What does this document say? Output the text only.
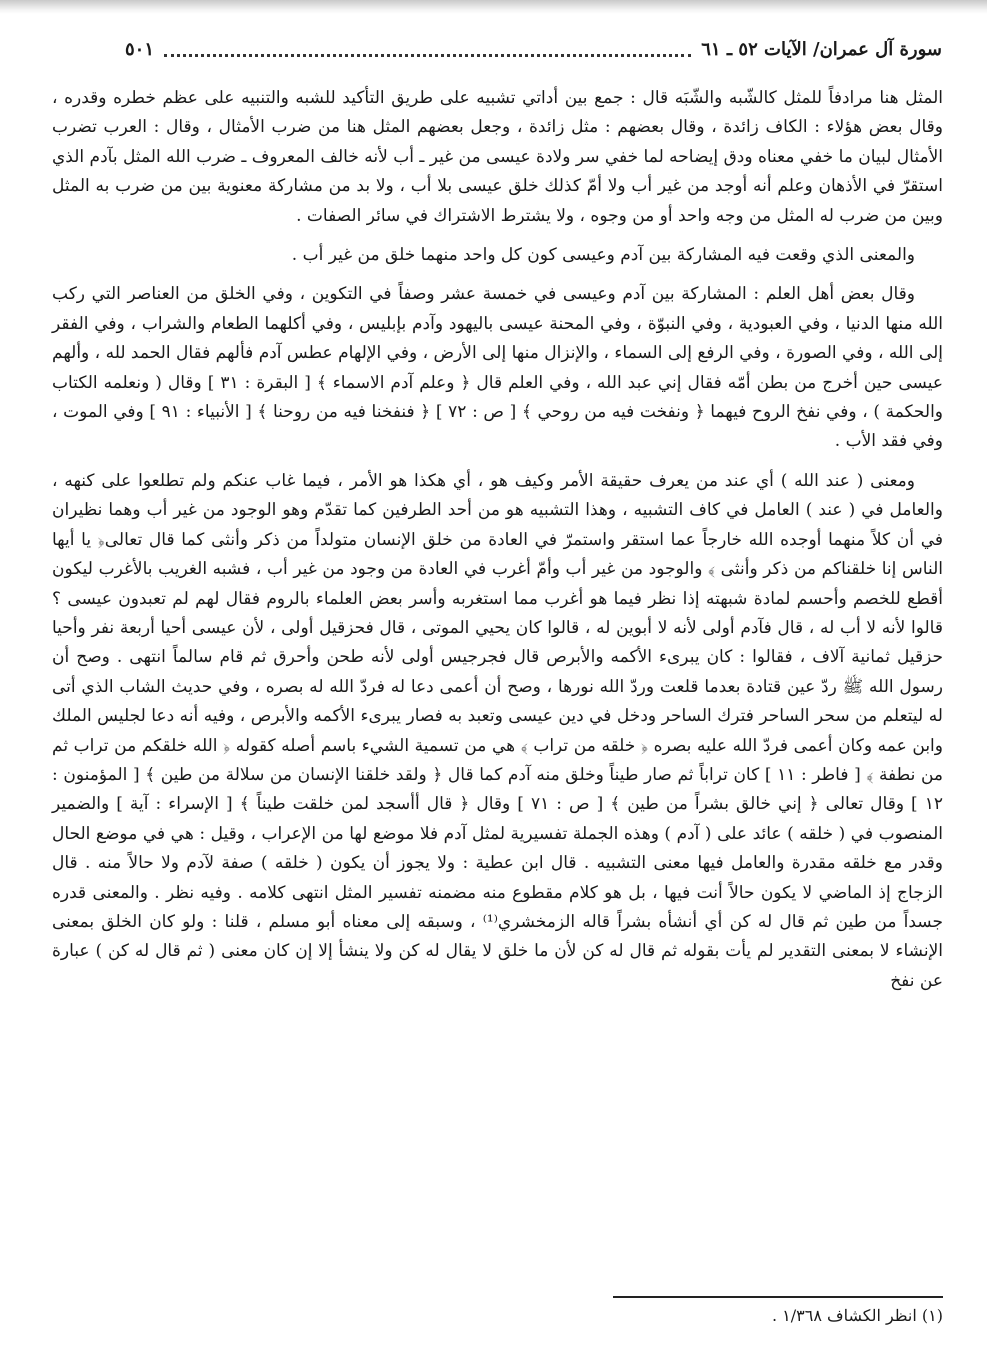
سورة آل عمران/ الآيات ٥٢ ـ ٦١
٥٠١

المثل هنا مرادفاً للمثل كالشّبه والشّبَه قال : جمع بين أداتي تشبيه على طريق التأكيد للشبه والتنبيه على عظم خطره وقدره ، وقال بعض هؤلاء : الكاف زائدة ، وقال بعضهم : مثل زائدة ، وجعل بعضهم المثل هنا من ضرب الأمثال ، وقال : العرب تضرب الأمثال لبيان ما خفي معناه ودق إيضاحه لما خفي سر ولادة عيسى من غير ـ أب لأنه خالف المعروف ـ ضرب الله المثل بآدم الذي استقرّ في الأذهان وعلم أنه أوجد من غير أب ولا أمّ كذلك خلق عيسى بلا أب ، ولا بد من مشاركة معنوية بين من ضرب به المثل وبين من ضرب له المثل من وجه واحد أو من وجوه ، ولا يشترط الاشتراك في سائر الصفات .

والمعنى الذي وقعت فيه المشاركة بين آدم وعيسى كون كل واحد منهما خلق من غير أب .

وقال بعض أهل العلم : المشاركة بين آدم وعيسى في خمسة عشر وصفاً في التكوين ، وفي الخلق من العناصر التي ركب الله منها الدنيا ، وفي العبودية ، وفي النبوّة ، وفي المحنة عيسى باليهود وآدم بإبليس ، وفي أكلهما الطعام والشراب ، وفي الفقر إلى الله ، وفي الصورة ، وفي الرفع إلى السماء ، والإنزال منها إلى الأرض ، وفي الإلهام عطس آدم فألهم فقال الحمد لله ، وألهم عيسى حين أخرج من بطن أمّه فقال إني عبد الله ، وفي العلم قال ﴿ وعلم آدم الاسماء ﴾ [ البقرة : ٣١ ] وقال ( ونعلمه الكتاب والحكمة ) ، وفي نفخ الروح فيهما ﴿ ونفخت فيه من روحي ﴾ [ ص : ٧٢ ] ﴿ فنفخنا فيه من روحنا ﴾ [ الأنبياء : ٩١ ] وفي الموت ، وفي فقد الأب .

ومعنى ( عند الله ) أي عند من يعرف حقيقة الأمر وكيف هو ، أي هكذا هو الأمر ، فيما غاب عنكم ولم تطلعوا على كنهه ، والعامل في ( عند ) العامل في كاف التشبيه ، وهذا التشبيه هو من أحد الطرفين كما تقدّم وهو الوجود من غير أب وهما نظيران في أن كلاً منهما أوجده الله خارجاً عما استقر واستمرّ في العادة من خلق الإنسان متولداً من ذكر وأنثى كما قال تعالى﴿ يا أيها الناس إنا خلقناكم من ذكر وأنثى ﴾ والوجود من غير أب وأمّ أغرب في العادة من وجود من غير أب ، فشبه الغريب بالأغرب ليكون أقطع للخصم وأحسم لمادة شبهته إذا نظر فيما هو أغرب مما استغربه وأسر بعض العلماء بالروم فقال لهم لم تعبدون عيسى ؟ قالوا لأنه لا أب له ، قال فآدم أولى لأنه لا أبوين له ، قالوا كان يحيي الموتى ، قال فحزقيل أولى ، لأن عيسى أحيا أربعة نفر وأحيا حزقيل ثمانية آلاف ، فقالوا : كان يبرىء الأكمه والأبرص قال فجرجيس أولى لأنه طحن وأحرق ثم قام سالماً انتهى . وصح أن رسول الله ﷺ ردّ عين قتادة بعدما قلعت وردّ الله نورها ، وصح أن أعمى دعا له فردّ الله له بصره ، وفي حديث الشاب الذي أتى له ليتعلم من سحر الساحر فترك الساحر ودخل في دين عيسى وتعبد به فصار يبرىء الأكمه والأبرص ، وفيه أنه دعا لجليس الملك وابن عمه وكان أعمى فردّ الله عليه بصره ﴿ خلقه من تراب ﴾ هي من تسمية الشيء باسم أصله كقوله ﴿ الله خلقكم من تراب ثم من نطفة ﴾ [ فاطر : ١١ ] كان تراباً ثم صار طيناً وخلق منه آدم كما قال ﴿ ولقد خلقنا الإنسان من سلالة من طين ﴾ [ المؤمنون : ١٢ ] وقال تعالى ﴿ إني خالق بشراً من طين ﴾ [ ص : ٧١ ] وقال ﴿ قال أأسجد لمن خلقت طيناً ﴾ [ الإسراء : آية ] والضمير المنصوب في ( خلقه ) عائد على ( آدم ) وهذه الجملة تفسيرية لمثل آدم فلا موضع لها من الإعراب ، وقيل : هي في موضع الحال وقدر مع خلقه مقدرة والعامل فيها معنى التشبيه . قال ابن عطية : ولا يجوز أن يكون ( خلقه ) صفة لآدم ولا حالاً منه . قال الزجاج إذ الماضي لا يكون حالاً أنت فيها ، بل هو كلام مقطوع منه مضمنه تفسير المثل انتهى كلامه . وفيه نظر . والمعنى قدره جسداً من طين ثم قال له كن أي أنشأه بشراً قاله الزمخشري⁽¹⁾ ، وسبقه إلى معناه أبو مسلم ، قلنا : ولو كان الخلق بمعنى الإنشاء لا بمعنى التقدير لم يأت بقوله ثم قال له كن لأن ما خلق لا يقال له كن ولا ينشأ إلا إن كان معنى ( ثم قال له كن ) عبارة عن نفخ

(١) انظر الكشاف ١/٣٦٨ .
